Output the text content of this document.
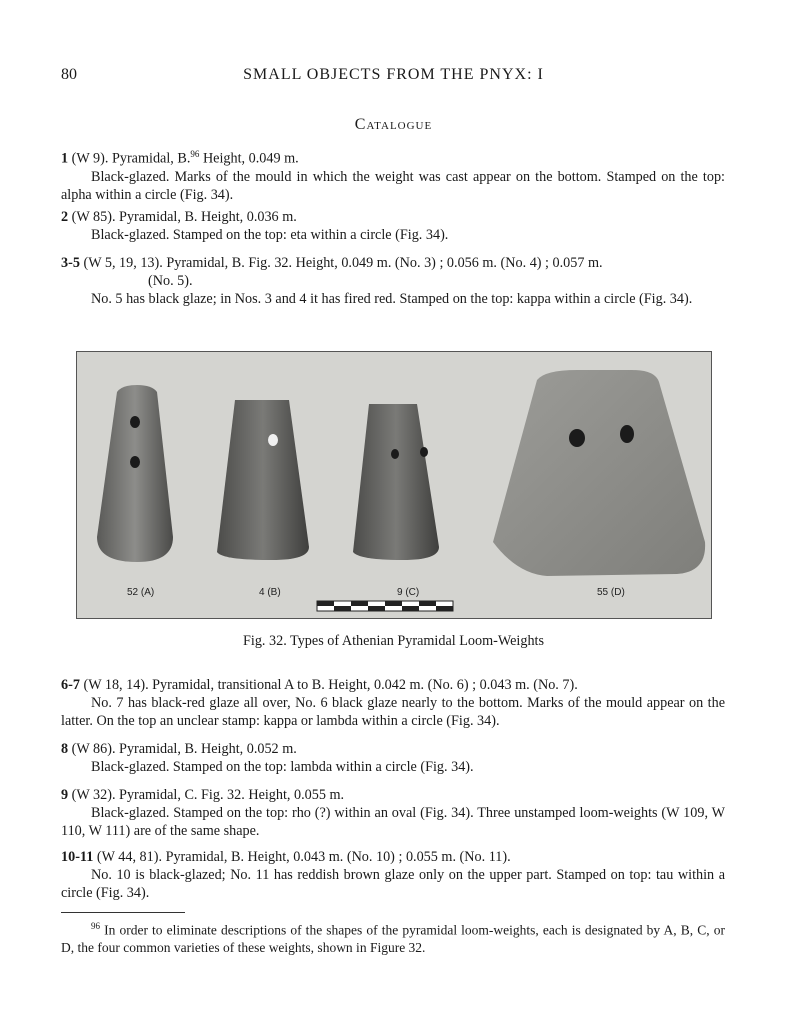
80	SMALL OBJECTS FROM THE PNYX: I
Catalogue

1 (W 9). Pyramidal, B.$^{96}$ Height, 0.049 m.

Black-glazed. Marks of the mould in which the weight was cast appear on the bottom. Stamped on the top: alpha within a circle (Fig. 34).

2 (W 85). Pyramidal, B. Height, 0.036 m.

Black-glazed. Stamped on the top: eta within a circle (Fig. 34).

3-5 (W 5, 19, 13). Pyramidal, B. Fig. 32. Height, 0.049 m. (No. 3) ; 0.056 m. (No. 4) ; 0.057 m.

(No. 5).

No. 5 has black glaze; in Nos. 3 and 4 it has fired red. Stamped on the top: kappa within a circle (Fig. 34).

52 (A)	4 (B)	9 (C)	55 (D)
Fig. 32. Types of Athenian Pyramidal Loom-Weights

6-7 (W 18, 14). Pyramidal, transitional A to B. Height, 0.042 m. (No. 6) ; 0.043 m. (No. 7).

No. 7 has black-red glaze all over, No. 6 black glaze nearly to the bottom. Marks of the mould appear on the latter. On the top an unclear stamp: kappa or lambda within a circle (Fig. 34).

8 (W 86). Pyramidal, B. Height, 0.052 m.

Black-glazed. Stamped on the top: lambda within a circle (Fig. 34).

9 (W 32). Pyramidal, C. Fig. 32. Height, 0.055 m.

Black-glazed. Stamped on the top: rho (?) within an oval (Fig. 34). Three unstamped loom-weights (W 109, W 110, W 111) are of the same shape.

10-11 (W 44, 81). Pyramidal, B. Height, 0.043 m. (No. 10) ; 0.055 m. (No. 11).

No. 10 is black-glazed; No. 11 has reddish brown glaze only on the upper part. Stamped on top: tau within a circle (Fig. 34).

$^{96}$ In order to eliminate descriptions of the shapes of the pyramidal loom-weights, each is designated by A, B, C, or D, the four common varieties of these weights, shown in Figure 32.
